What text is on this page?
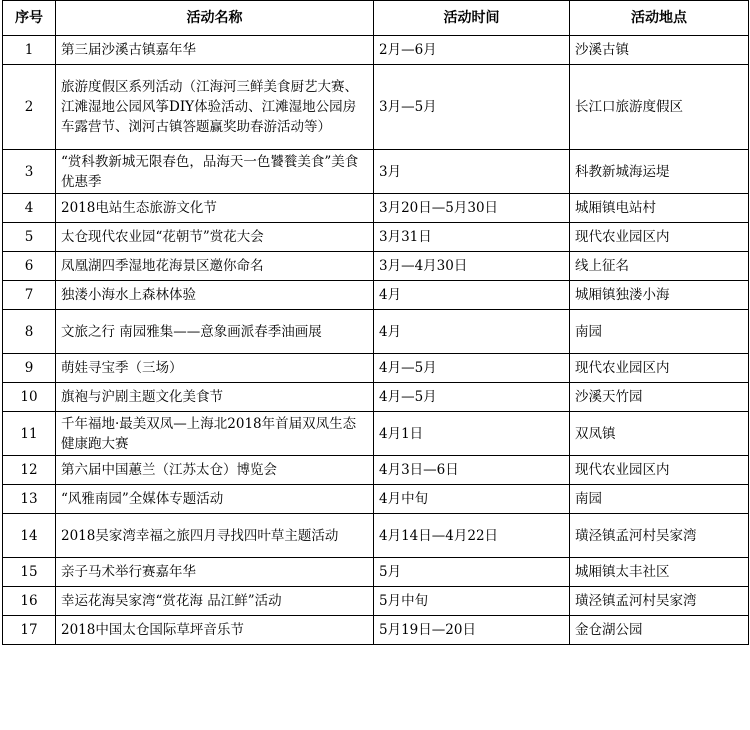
序号	活动名称	活动时间	活动地点
1	第三届沙溪古镇嘉年华	2月—6月	沙溪古镇
2	旅游度假区系列活动（江海河三鲜美食厨艺大赛、江滩湿地公园风筝DIY体验活动、江滩湿地公园房车露营节、浏河古镇答题赢奖助春游活动等）	3月—5月	长江口旅游度假区
3	“赏科教新城无限春色，品海天一色饕餮美食”美食优惠季	3月	科教新城海运堤
4	2018电站生态旅游文化节	3月20日—5月30日	城厢镇电站村
5	太仓现代农业园“花朝节”赏花大会	3月31日	现代农业园区内
6	凤凰湖四季湿地花海景区邀你命名	3月—4月30日	线上征名
7	独溇小海水上森林体验	4月	城厢镇独溇小海
8	文旅之行 南园雅集——意象画派春季油画展	4月	南园
9	萌娃寻宝季（三场）	4月—5月	现代农业园区内
10	旗袍与沪剧主题文化美食节	4月—5月	沙溪天竹园
11	千年福地·最美双凤—上海北2018年首届双凤生态健康跑大赛	4月1日	双凤镇
12	第六届中国蕙兰（江苏太仓）博览会	4月3日—6日	现代农业园区内
13	“风雅南园”全媒体专题活动	4月中旬	南园
14	2018吴家湾幸福之旅四月寻找四叶草主题活动	4月14日—4月22日	璜泾镇孟河村吴家湾
15	亲子马术举行赛嘉年华	5月	城厢镇太丰社区
16	幸运花海吴家湾“赏花海 品江鲜”活动	5月中旬	璜泾镇孟河村吴家湾
17	2018中国太仓国际草坪音乐节	5月19日—20日	金仓湖公园
